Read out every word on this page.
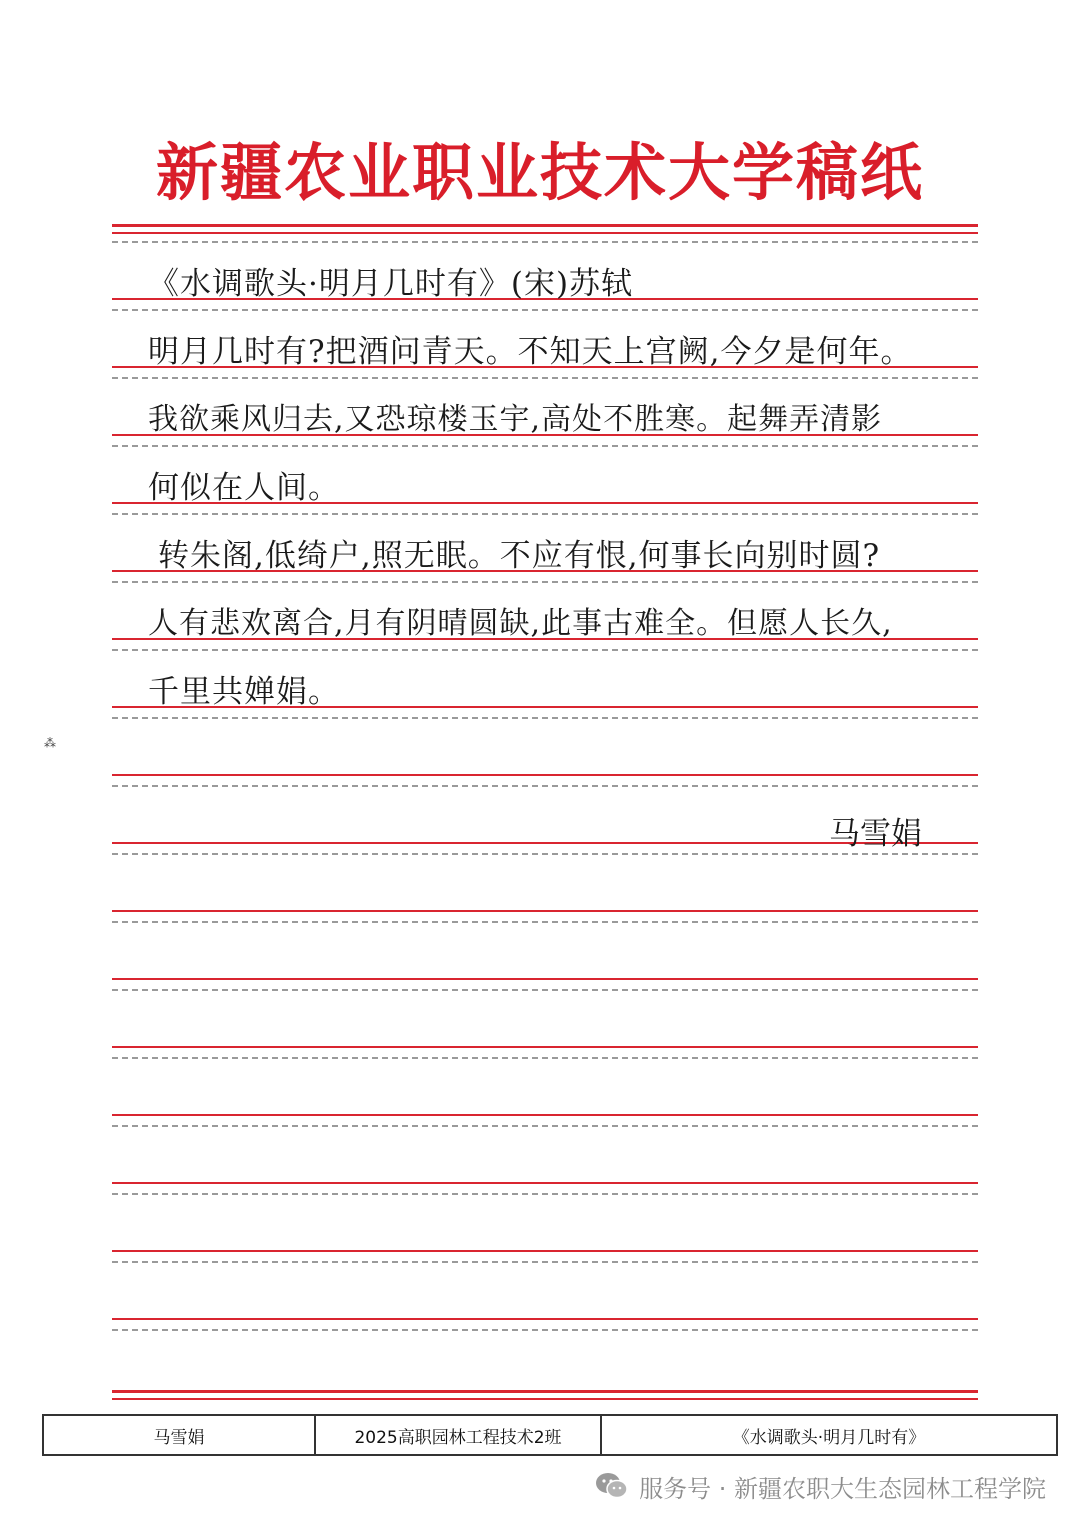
新疆农业职业技术大学稿纸
《水调歌头·明月几时有》(宋)苏轼
明月几时有?把酒问青天。不知天上宫阙,今夕是何年。
我欲乘风归去,又恐琼楼玉宇,高处不胜寒。起舞弄清影
何似在人间。
转朱阁,低绮户,照无眠。不应有恨,何事长向别时圆?
人有悲欢离合,月有阴晴圆缺,此事古难全。但愿人长久,
千里共婵娟。
⁂
马雪娟
马雪娟	2025高职园林工程技术2班	《水调歌头·明月几时有》
服务号 · 新疆农职大生态园林工程学院
